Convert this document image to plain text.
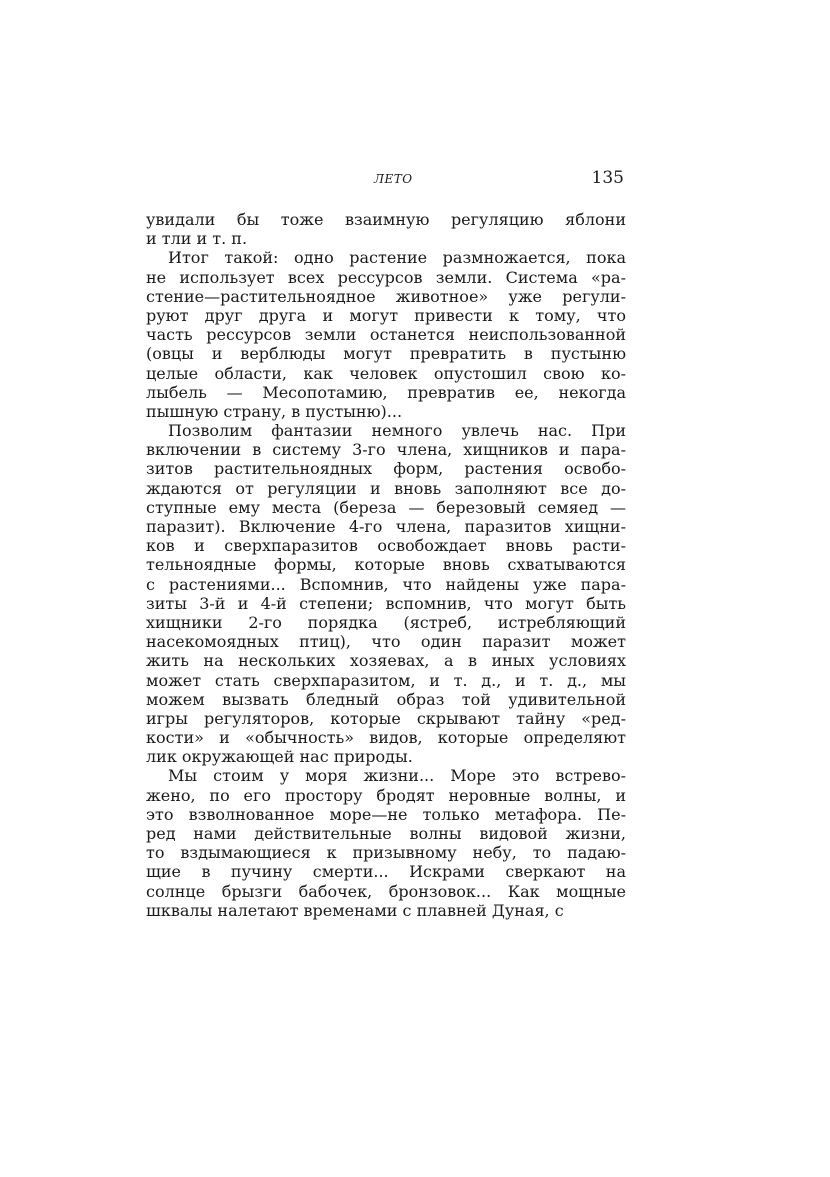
ЛЕТО	135
увидали бы тоже взаимную регуляцию яблони
и тли и т. п.
Итог такой: одно растение размножается, пока
не использует всех рессурсов земли. Система «ра-
стение—растительноядное животное» уже регули-
руют друг друга и могут привести к тому, что
часть рессурсов земли останется неиспользованной
(овцы и верблюды могут превратить в пустыню
целые области, как человек опустошил свою ко-
лыбель — Месопотамию, превратив ее, некогда
пышную страну, в пустыню)...
Позволим фантазии немного увлечь нас. При
включении в систему 3-го члена, хищников и пара-
зитов растительноядных форм, растения освобо-
ждаются от регуляции и вновь заполняют все до-
ступные ему места (береза — березовый семяед —
паразит). Включение 4-го члена, паразитов хищни-
ков и сверхпаразитов освобождает вновь расти-
тельноядные формы, которые вновь схватываются
с растениями... Вспомнив, что найдены уже пара-
зиты 3-й и 4-й степени; вспомнив, что могут быть
хищники 2-го порядка (ястреб, истребляющий
насекомоядных птиц), что один паразит может
жить на нескольких хозяевах, а в иных условиях
может стать сверхпаразитом, и т. д., и т. д., мы
можем вызвать бледный образ той удивительной
игры регуляторов, которые скрывают тайну «ред-
кости» и «обычность» видов, которые определяют
лик окружающей нас природы.
Мы стоим у моря жизни... Море это встрево-
жено, по его простору бродят неровные волны, и
это взволнованное море—не только метафора. Пе-
ред нами действительные волны видовой жизни,
то вздымающиеся к призывному небу, то падаю-
щие в пучину смерти... Искрами сверкают на
солнце брызги бабочек, бронзовок... Как мощные
шквалы налетают временами с плавней Дуная, с
